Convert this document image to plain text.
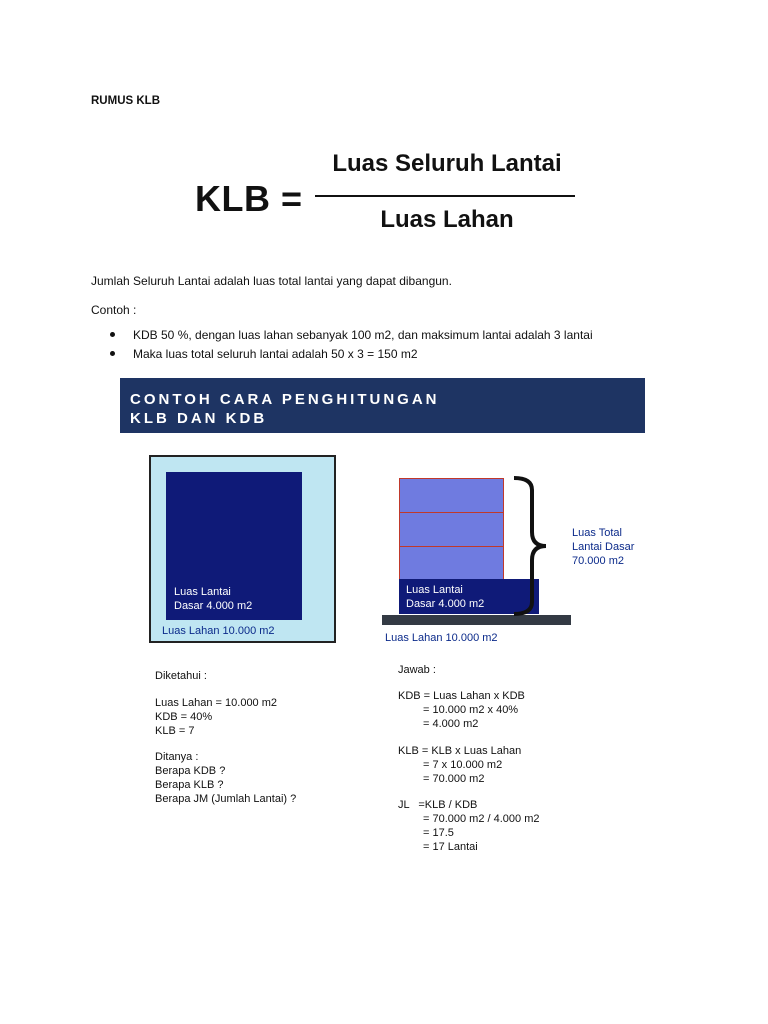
RUMUS KLB
KLB =
Luas Seluruh Lantai
Luas Lahan
Jumlah Seluruh Lantai adalah luas total lantai yang dapat dibangun.
Contoh :
KDB 50 %, dengan luas lahan sebanyak 100 m2, dan maksimum lantai adalah 3 lantai
Maka luas total seluruh lantai adalah 50 x 3 = 150 m2
CONTOH CARA PENGHITUNGAN
KLB DAN KDB
Luas Lantai
Dasar 4.000 m2
Luas Lahan 10.000 m2
Luas Lantai
Dasar 4.000 m2
Luas Total
Lantai Dasar
70.000 m2
Luas Lahan 10.000 m2
Diketahui :
Luas Lahan = 10.000 m2
KDB = 40%
KLB = 7
Ditanya :
Berapa KDB ?
Berapa KLB ?
Berapa JM (Jumlah Lantai) ?
Jawab :
KDB = Luas Lahan x KDB
= 10.000 m2 x 40%
= 4.000 m2
KLB = KLB x Luas Lahan
= 7 x 10.000 m2
= 70.000 m2
JL   =KLB / KDB
= 70.000 m2 / 4.000 m2
= 17.5
= 17 Lantai
